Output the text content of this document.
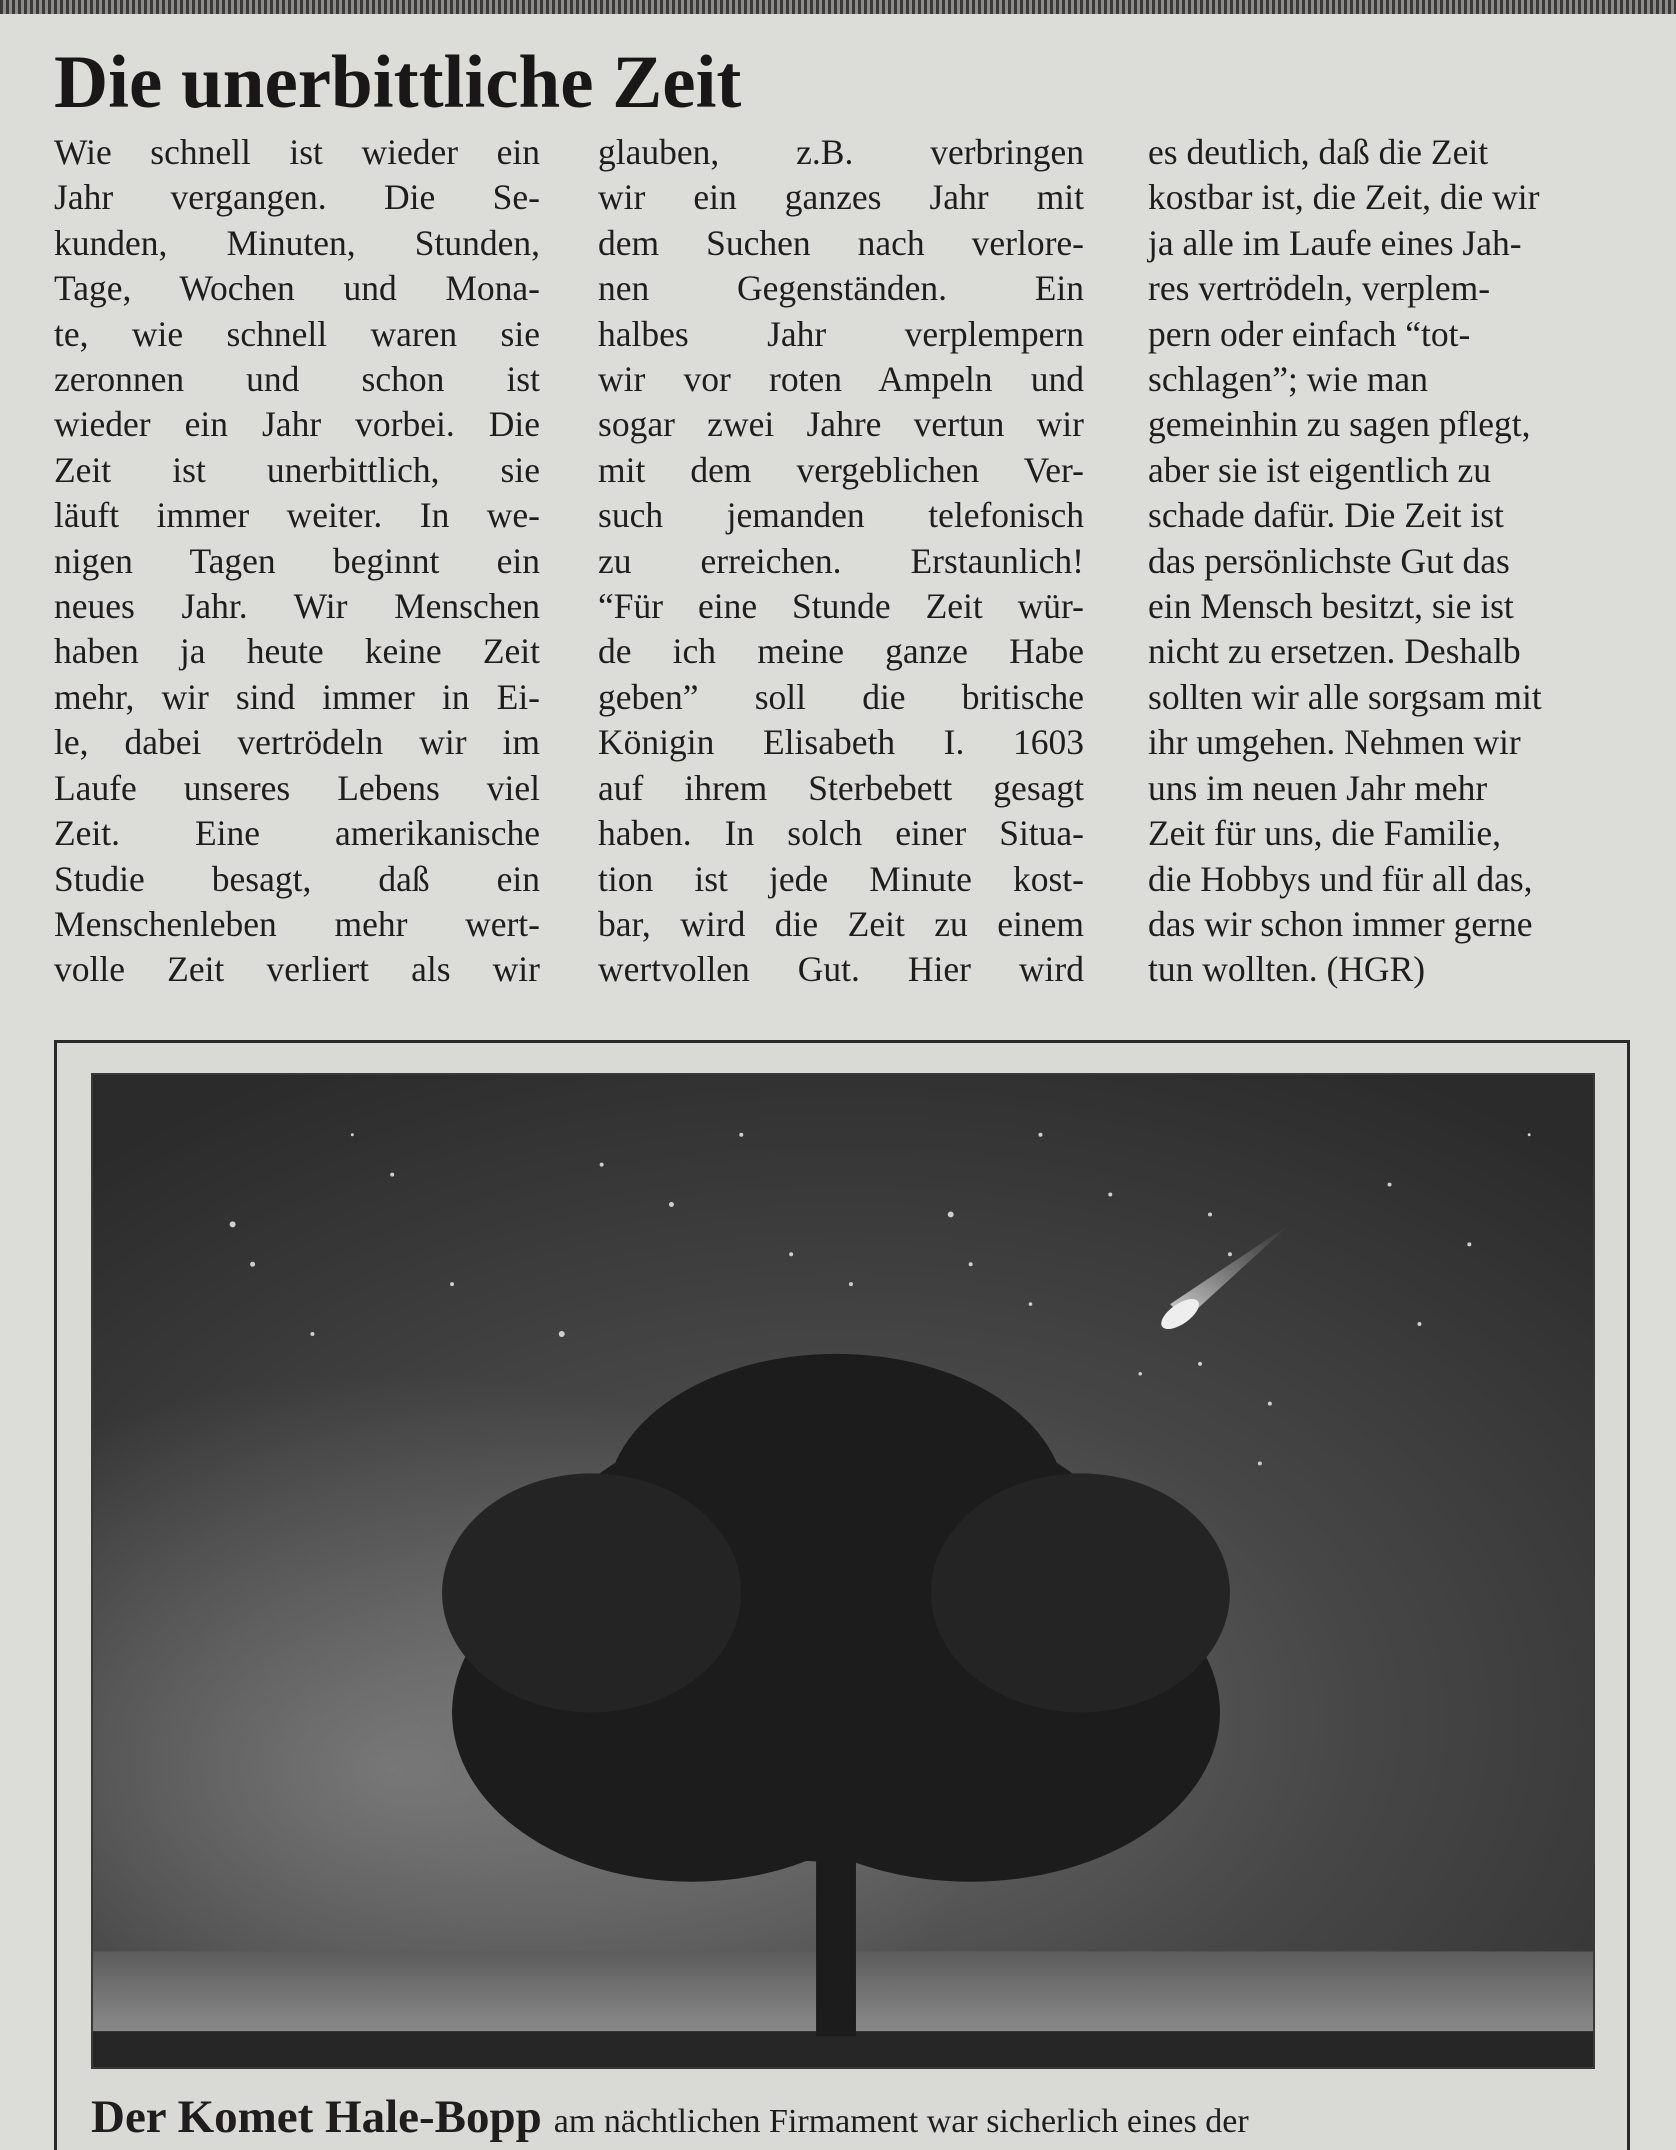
Die unerbittliche Zeit
Wie schnell ist wieder ein
Jahr vergangen. Die Se-
kunden, Minuten, Stunden,
Tage, Wochen und Mona-
te, wie schnell waren sie
zeronnen und schon ist
wieder ein Jahr vorbei. Die
Zeit ist unerbittlich, sie
läuft immer weiter. In we-
nigen Tagen beginnt ein
neues Jahr. Wir Menschen
haben ja heute keine Zeit
mehr, wir sind immer in Ei-
le, dabei vertrödeln wir im
Laufe unseres Lebens viel
Zeit. Eine amerikanische
Studie besagt, daß ein
Menschenleben mehr wert-
volle Zeit verliert als wir
glauben, z.B. verbringen
wir ein ganzes Jahr mit
dem Suchen nach verlore-
nen Gegenständen. Ein
halbes Jahr verplempern
wir vor roten Ampeln und
sogar zwei Jahre vertun wir
mit dem vergeblichen Ver-
such jemanden telefonisch
zu erreichen. Erstaunlich!
“Für eine Stunde Zeit wür-
de ich meine ganze Habe
geben” soll die britische
Königin Elisabeth I. 1603
auf ihrem Sterbebett gesagt
haben. In solch einer Situa-
tion ist jede Minute kost-
bar, wird die Zeit zu einem
wertvollen Gut. Hier wird
es deutlich, daß die Zeit
kostbar ist, die Zeit, die wir
ja alle im Laufe eines Jah-
res vertrödeln, verplem-
pern oder einfach “tot-
schlagen”; wie man
gemeinhin zu sagen pflegt,
aber sie ist eigentlich zu
schade dafür. Die Zeit ist
das persönlichste Gut das
ein Mensch besitzt, sie ist
nicht zu ersetzen. Deshalb
sollten wir alle sorgsam mit
ihr umgehen. Nehmen wir
uns im neuen Jahr mehr
Zeit für uns, die Familie,
die Hobbys und für all das,
das wir schon immer gerne
tun wollten. (HGR)
Der Komet Hale-Bopp am nächtlichen Firmament war sicherlich eines der
